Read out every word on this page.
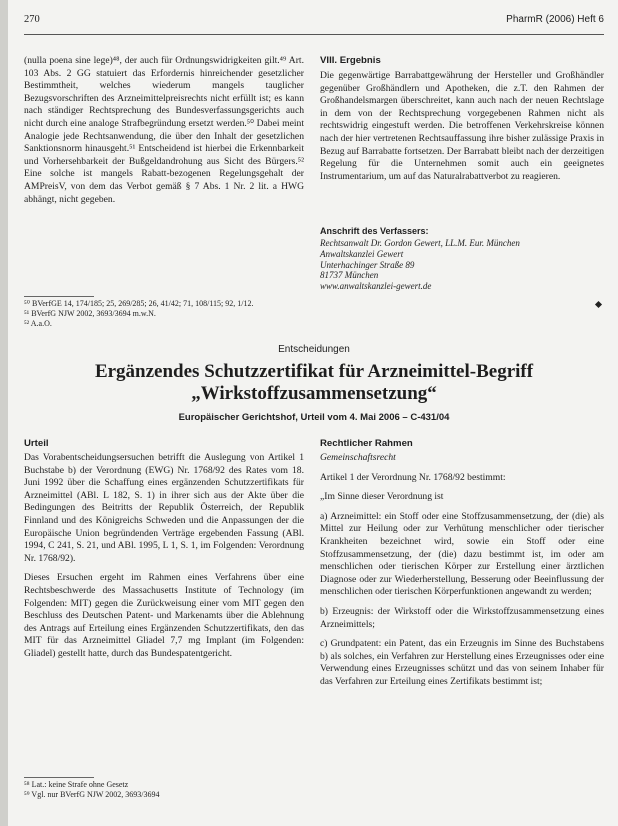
270	PharmR (2006) Heft 6

(nulla poena sine lege)⁴⁸, der auch für Ordnungswidrigkeiten gilt.⁴⁹ Art. 103 Abs. 2 GG statuiert das Erfordernis hinreichender gesetzlicher Bestimmtheit, welches wiederum mangels tauglicher Bezugsvorschriften des Arzneimittelpreisrechts nicht erfüllt ist; es kann nach ständiger Rechtsprechung des Bundesverfassungsgerichts auch nicht durch eine analoge Strafbegründung ersetzt werden.⁵⁰ Dabei meint Analogie jede Rechtsanwendung, die über den Inhalt der gesetzlichen Sanktionsnorm hinausgeht.⁵¹ Entscheidend ist hierbei die Erkennbarkeit und Vorhersehbarkeit der Bußgeldandrohung aus Sicht des Bürgers.⁵² Eine solche ist mangels Rabatt-bezogenen Regelungsgehalt der AMPreisV, von dem das Verbot gemäß § 7 Abs. 1 Nr. 2 lit. a HWG abhängt, nicht gegeben.

⁵⁰ BVerfGE 14, 174/185; 25, 269/285; 26, 41/42; 71, 108/115; 92, 1/12.
⁵¹ BVerfG NJW 2002, 3693/3694 m.w.N.
⁵² A.a.O.
VIII. Ergebnis

Die gegenwärtige Barrabattgewährung der Hersteller und Großhändler gegenüber Großhändlern und Apotheken, die z.T. den Rahmen der Großhandelsmargen überschreitet, kann auch nach der neuen Rechtslage in dem von der Rechtsprechung vorgegebenen Rahmen nicht als rechtswidrig eingestuft werden. Die betroffenen Verkehrskreise können nach der hier vertretenen Rechtsauffassung ihre bisher zulässige Praxis in Bezug auf Barrabatte fortsetzen. Der Barrabatt bleibt nach der derzeitigen Regelung für die Unternehmen somit auch ein geeignetes Instrumentarium, um auf das Naturalrabattverbot zu reagieren.

Anschrift des Verfassers:
Rechtsanwalt Dr. Gordon Gewert, LL.M. Eur. München
Anwaltskanzlei Gewert
Unterhachinger Straße 89
81737 München
www.anwaltskanzlei-gewert.de
Entscheidungen
Ergänzendes Schutzzertifikat für Arzneimittel-Begriff
„Wirkstoffzusammensetzung“
Europäischer Gerichtshof, Urteil vom 4. Mai 2006 – C-431/04
Urteil

Das Vorabentscheidungsersuchen betrifft die Auslegung von Artikel 1 Buchstabe b) der Verordnung (EWG) Nr. 1768/92 des Rates vom 18. Juni 1992 über die Schaffung eines ergänzenden Schutzzertifikats für Arzneimittel (ABl. L 182, S. 1) in ihrer sich aus der Akte über die Bedingungen des Beitritts der Republik Österreich, der Republik Finnland und des Königreichs Schweden und die Anpassungen der die Europäische Union begründenden Verträge ergebenden Fassung (ABl. 1994, C 241, S. 21, und ABl. 1995, L 1, S. 1, im Folgenden: Verordnung Nr. 1768/92).

Dieses Ersuchen ergeht im Rahmen eines Verfahrens über eine Rechtsbeschwerde des Massachusetts Institute of Technology (im Folgenden: MIT) gegen die Zurückweisung einer vom MIT gegen den Beschluss des Deutschen Patent- und Markenamts über die Ablehnung des Antrags auf Erteilung eines Ergänzenden Schutzzertifikats, den das MIT für das Arzneimittel Gliadel 7,7 mg Implant (im Folgenden: Gliadel) gestellt hatte, durch das Bundespatentgericht.

⁵⁸ Lat.: keine Strafe ohne Gesetz
⁵⁹ Vgl. nur BVerfG NJW 2002, 3693/3694
Rechtlicher Rahmen

Gemeinschaftsrecht

Artikel 1 der Verordnung Nr. 1768/92 bestimmt:

„Im Sinne dieser Verordnung ist

a) Arzneimittel: ein Stoff oder eine Stoffzusammensetzung, der (die) als Mittel zur Heilung oder zur Verhütung menschlicher oder tierischer Krankheiten bezeichnet wird, sowie ein Stoff oder eine Stoffzusammensetzung, der (die) dazu bestimmt ist, im oder am menschlichen oder tierischen Körper zur Erstellung einer ärztlichen Diagnose oder zur Wiederherstellung, Besserung oder Beeinflussung der menschlichen oder tierischen Körperfunktionen angewandt zu werden;

b) Erzeugnis: der Wirkstoff oder die Wirkstoffzusammensetzung eines Arzneimittels;

c) Grundpatent: ein Patent, das ein Erzeugnis im Sinne des Buchstabens b) als solches, ein Verfahren zur Herstellung eines Erzeugnisses oder eine Verwendung eines Erzeugnisses schützt und das von seinem Inhaber für das Verfahren zur Erteilung eines Zertifikats bestimmt ist;
